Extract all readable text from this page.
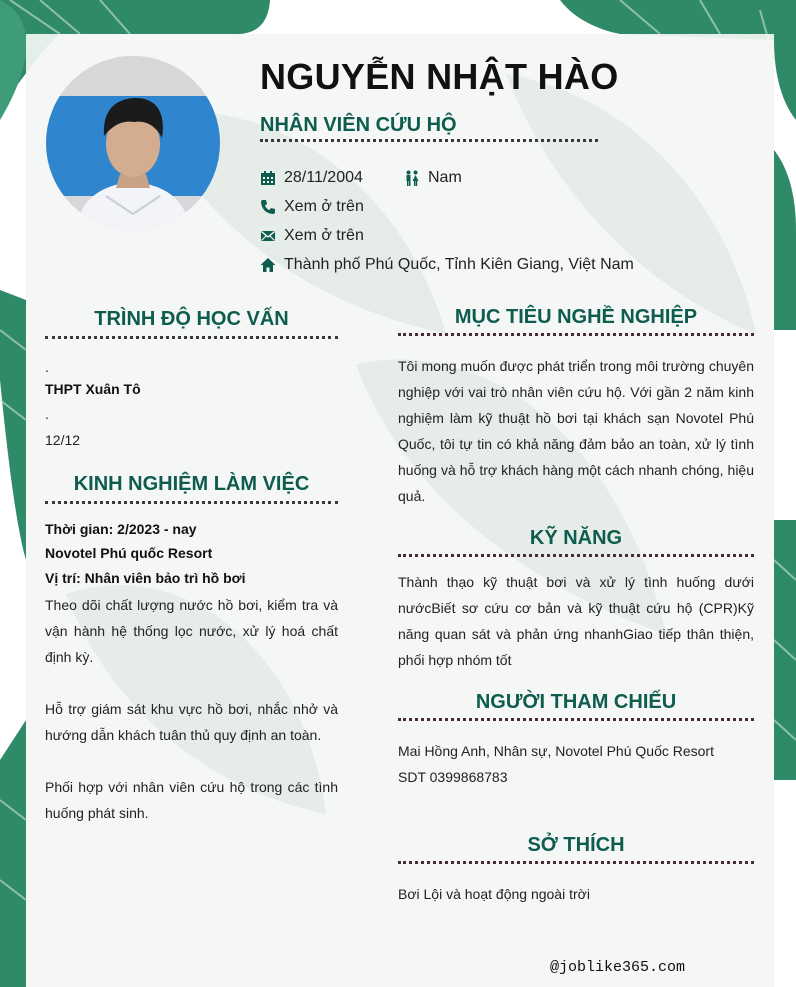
NGUYỄN NHẬT HÀO
NHÂN VIÊN CỨU HỘ
28/11/2004	Nam
Xem ở trên
Xem ở trên
Thành phố Phú Quốc, Tỉnh Kiên Giang, Việt Nam
TRÌNH ĐỘ HỌC VẤN
.
THPT Xuân Tô
.
12/12
KINH NGHIỆM LÀM VIỆC
Thời gian: 2/2023 - nay
Novotel Phú quốc Resort
Vị trí: Nhân viên bảo trì hồ bơi
Theo dõi chất lượng nước hồ bơi, kiểm tra và vận hành hệ thống lọc nước, xử lý hoá chất định kỳ.
Hỗ trợ giám sát khu vực hồ bơi, nhắc nhở và hướng dẫn khách tuân thủ quy định an toàn.
Phối hợp với nhân viên cứu hộ trong các tình huống phát sinh.
MỤC TIÊU NGHỀ NGHIỆP
Tôi mong muốn được phát triển trong môi trường chuyên nghiệp với vai trò nhân viên cứu hộ. Với gần 2 năm kinh nghiệm làm kỹ thuật hồ bơi tại khách sạn Novotel Phú Quốc, tôi tự tin có khả năng đảm bảo an toàn, xử lý tình huống và hỗ trợ khách hàng một cách nhanh chóng, hiệu quả.
KỸ NĂNG
Thành thạo kỹ thuật bơi và xử lý tình huống dưới nướcBiết sơ cứu cơ bản và kỹ thuật cứu hộ (CPR)Kỹ năng quan sát và phản ứng nhanhGiao tiếp thân thiện, phối hợp nhóm tốt
NGƯỜI THAM CHIẾU
Mai Hồng Anh, Nhân sự, Novotel Phú Quốc Resort
SDT 0399868783
SỞ THÍCH
Bơi Lội và hoạt động ngoài trời
@joblike365.com
